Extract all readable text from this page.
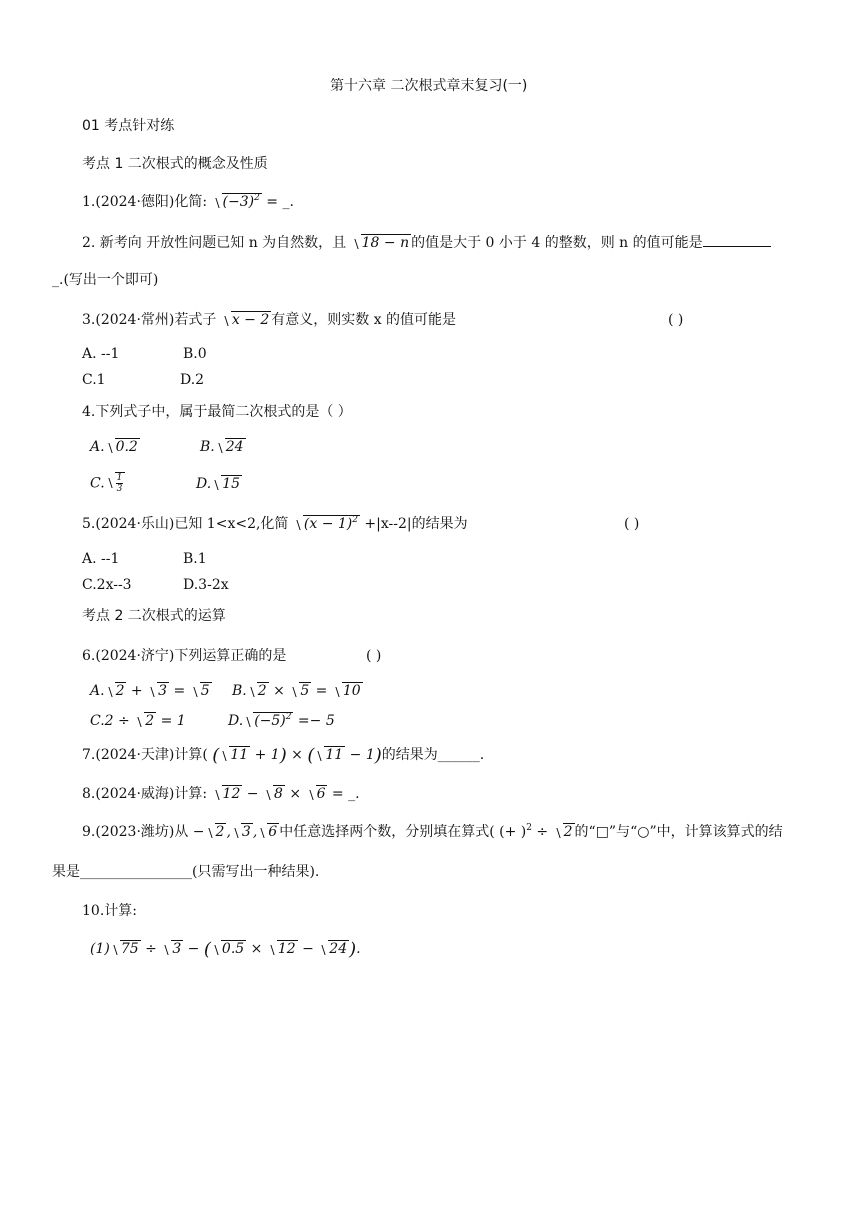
第十六章 二次根式章末复习(一)
01 考点针对练
考点 1 二次根式的概念及性质
1.(2024·德阳)化简: $(-3)^2$ = _.
2. 新考向 开放性问题已知 n 为自然数，且 18 − n 的值是大于 0 小于 4 的整数，则 n 的值可能是
_.(写出一个即可)
3.(2024·常州)若式子 x − 2 有意义，则实数 x 的值可能是	( )
A. --1	B.0
C.1	D.2
4.下列式子中，属于最简二次根式的是（ ）
A. 0.2	B. 24
C. $\frac{1}{3}$	D. 15
5.(2024·乐山)已知 1<x<2,化简 $(x - 1)^2 +|x--2|$的结果为	( )
A. --1	B.1
C.2x--3	D.3-2x
考点 2 二次根式的运算
6.(2024·济宁)下列运算正确的是	( )
A. 2 + 3 = 5 B. 2 × 5 = 10
C.2 ÷ 2 = 1	D. $(-5)^2 =- 5$
7.(2024·天津)计算( ( 11 + 1) × ( 11 − 1)的结果为______.
8.(2024·威海)计算: 12 − 8 × 6 = _.
9.(2023·潍坊)从 − 2 , 3 , 6 中任意选择两个数，分别填在算式( (+ )$^2$ ÷ 2 的“□”与“○”中，计算该算式的结
果是________________(只需写出一种结果).
10.计算:
(1) 75 ÷ 3 − ( 0.5 × 12 − 24 ).
